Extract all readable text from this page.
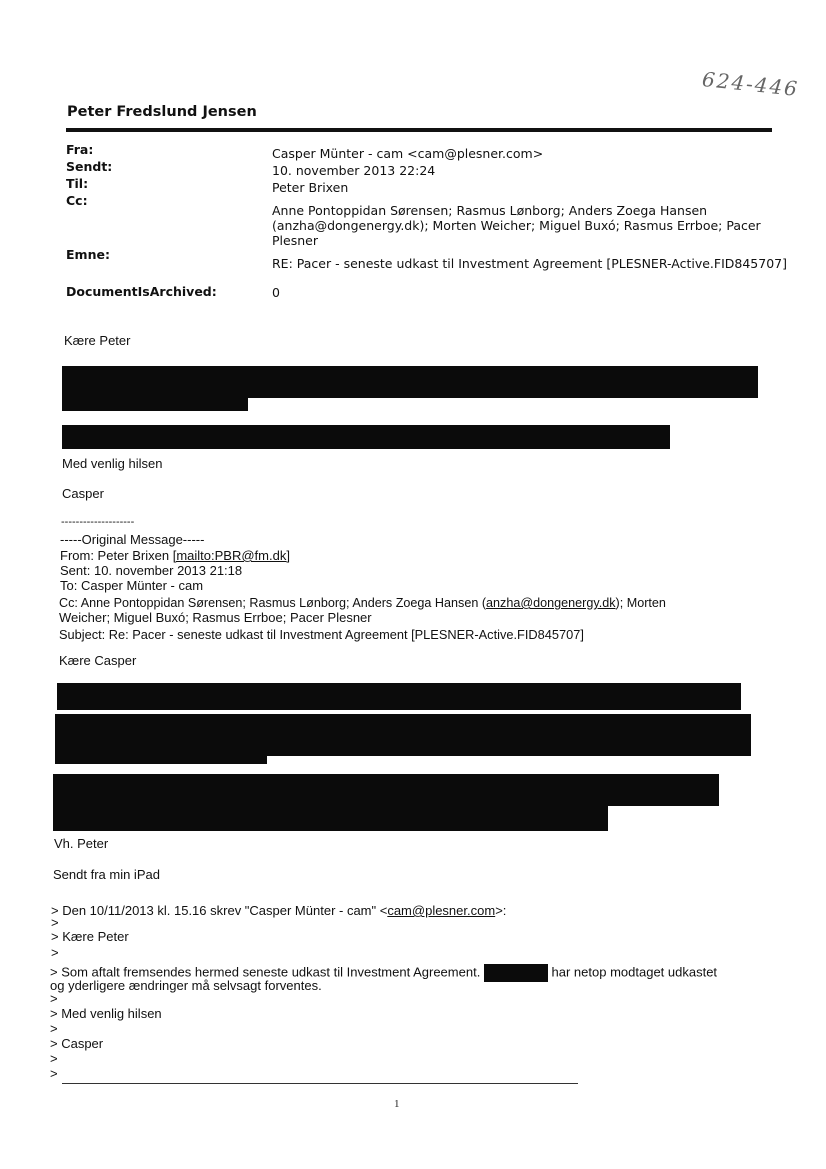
624-446
Peter Fredslund Jensen
Fra:	Casper Münter - cam <cam@plesner.com>
Sendt:	10. november 2013 22:24
Til:	Peter Brixen
Cc:
Anne Pontoppidan Sørensen; Rasmus Lønborg; Anders Zoega Hansen
(anzha@dongenergy.dk); Morten Weicher; Miguel Buxó; Rasmus Errboe; Pacer
Plesner
Emne:
RE: Pacer - seneste udkast til Investment Agreement [PLESNER-Active.FID845707]
DocumentIsArchived:	0
Kære Peter
Med venlig hilsen
Casper
--------------------
-----Original Message-----
From: Peter Brixen [mailto:PBR@fm.dk]
Sent: 10. november 2013 21:18
To: Casper Münter - cam
Cc: Anne Pontoppidan Sørensen; Rasmus Lønborg; Anders Zoega Hansen (anzha@dongenergy.dk); Morten
Weicher; Miguel Buxó; Rasmus Errboe; Pacer Plesner
Subject: Re: Pacer - seneste udkast til Investment Agreement [PLESNER-Active.FID845707]
Kære Casper
Vh. Peter
Sendt fra min iPad
> Den 10/11/2013 kl. 15.16 skrev "Casper Münter - cam" <cam@plesner.com>:
>
> Kære Peter
>
> Som aftalt fremsendes hermed seneste udkast til Investment Agreement.	har netop modtaget udkastet
og yderligere ændringer må selvsagt forventes.
>
> Med venlig hilsen
>
> Casper
>
>
1
